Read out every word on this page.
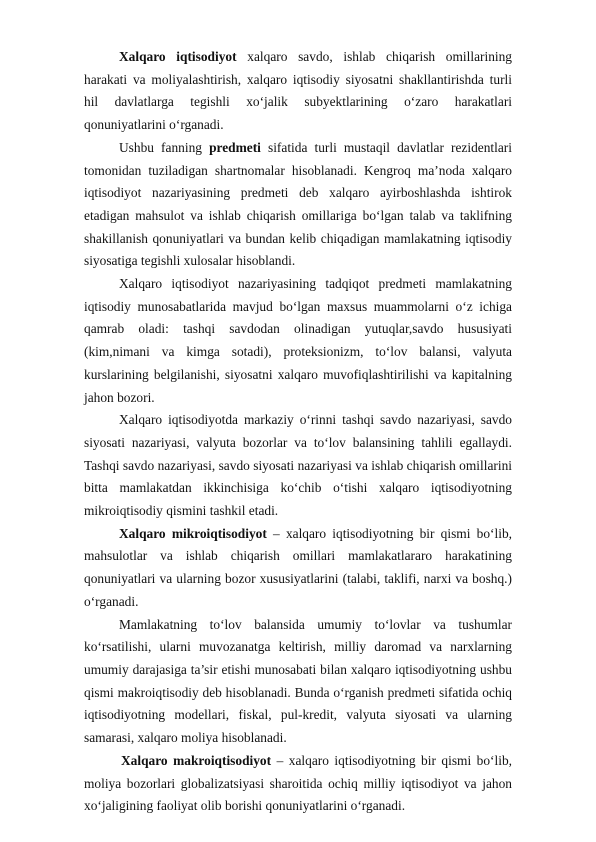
Xalqaro iqtisodiyot xalqaro savdo, ishlab chiqarish omillarining harakati va moliyalashtirish, xalqaro iqtisodiy siyosatni shakllantirishda turli hil davlatlarga tegishli xo‘jalik subyektlarining o‘zaro harakatlari qonuniyatlarini o‘rganadi.

Ushbu fanning predmeti sifatida turli mustaqil davlatlar rezidentlari tomonidan tuziladigan shartnomalar hisoblanadi. Kengroq ma’noda xalqaro iqtisodiyot nazariyasining predmeti deb xalqaro ayirboshlashda ishtirok etadigan mahsulot va ishlab chiqarish omillariga bo‘lgan talab va taklifning shakillanish qonuniyatlari va bundan kelib chiqadigan mamlakatning iqtisodiy siyosatiga tegishli xulosalar hisoblandi.

Xalqaro iqtisodiyot nazariyasining tadqiqot predmeti mamlakatning iqtisodiy munosabatlarida mavjud bo‘lgan maxsus muammolarni o‘z ichiga qamrab oladi: tashqi savdodan olinadigan yutuqlar,savdo hususiyati (kim,nimani va kimga sotadi), proteksionizm, to‘lov balansi, valyuta kurslarining belgilanishi, siyosatni xalqaro muvofiqlashtirilishi va kapitalning jahon bozori.

Xalqaro iqtisodiyotda markaziy o‘rinni tashqi savdo nazariyasi, savdo siyosati nazariyasi, valyuta bozorlar va to‘lov balansining tahlili egallaydi. Tashqi savdo nazariyasi, savdo siyosati nazariyasi va ishlab chiqarish omillarini bitta mamlakatdan ikkinchisiga ko‘chib o‘tishi xalqaro iqtisodiyotning mikroiqtisodiy qismini tashkil etadi.

Xalqaro mikroiqtisodiyot – xalqaro iqtisodiyotning bir qismi bo‘lib, mahsulotlar va ishlab chiqarish omillari mamlakatlararo harakatining qonuniyatlari va ularning bozor xususiyatlarini (talabi, taklifi, narxi va boshq.) o‘rganadi.

Mamlakatning to‘lov balansida umumiy to‘lovlar va tushumlar ko‘rsatilishi, ularni muvozanatga keltirish, milliy daromad va narxlarning umumiy darajasiga ta’sir etishi munosabati bilan xalqaro iqtisodiyotning ushbu qismi makroiqtisodiy deb hisoblanadi. Bunda o‘rganish predmeti sifatida ochiq iqtisodiyotning modellari, fiskal, pul-kredit, valyuta siyosati va ularning samarasi, xalqaro moliya hisoblanadi.

Xalqaro makroiqtisodiyot – xalqaro iqtisodiyotning bir qismi bo‘lib, moliya bozorlari globalizatsiyasi sharoitida ochiq milliy iqtisodiyot va jahon xo‘jaligining faoliyat olib borishi qonuniyatlarini o‘rganadi.
